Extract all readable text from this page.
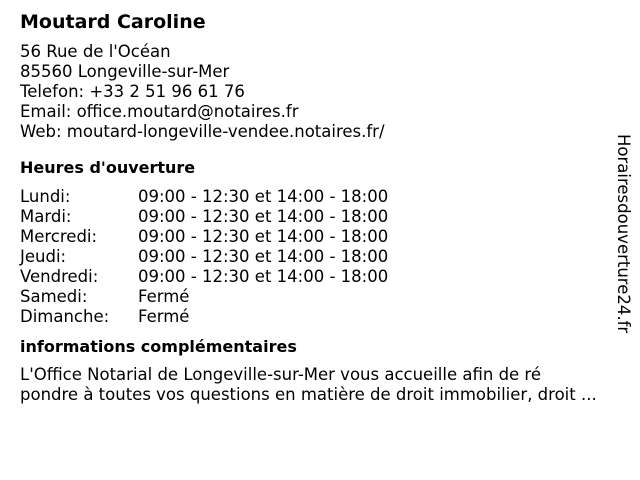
Moutard Caroline
56 Rue de l'Océan
85560 Longeville-sur-Mer
Telefon: +33 2 51 96 61 76
Email: office.moutard@notaires.fr
Web: moutard-longeville-vendee.notaires.fr/
Heures d'ouverture
Lundi:	09:00 - 12:30 et 14:00 - 18:00
Mardi:	09:00 - 12:30 et 14:00 - 18:00
Mercredi:	09:00 - 12:30 et 14:00 - 18:00
Jeudi:	09:00 - 12:30 et 14:00 - 18:00
Vendredi:	09:00 - 12:30 et 14:00 - 18:00
Samedi:	Fermé
Dimanche:	Fermé
informations complémentaires
L'Office Notarial de Longeville-sur-Mer vous accueille afin de ré
pondre à toutes vos questions en matière de droit immobilier, droit ...
Horairesdouverture24.fr
